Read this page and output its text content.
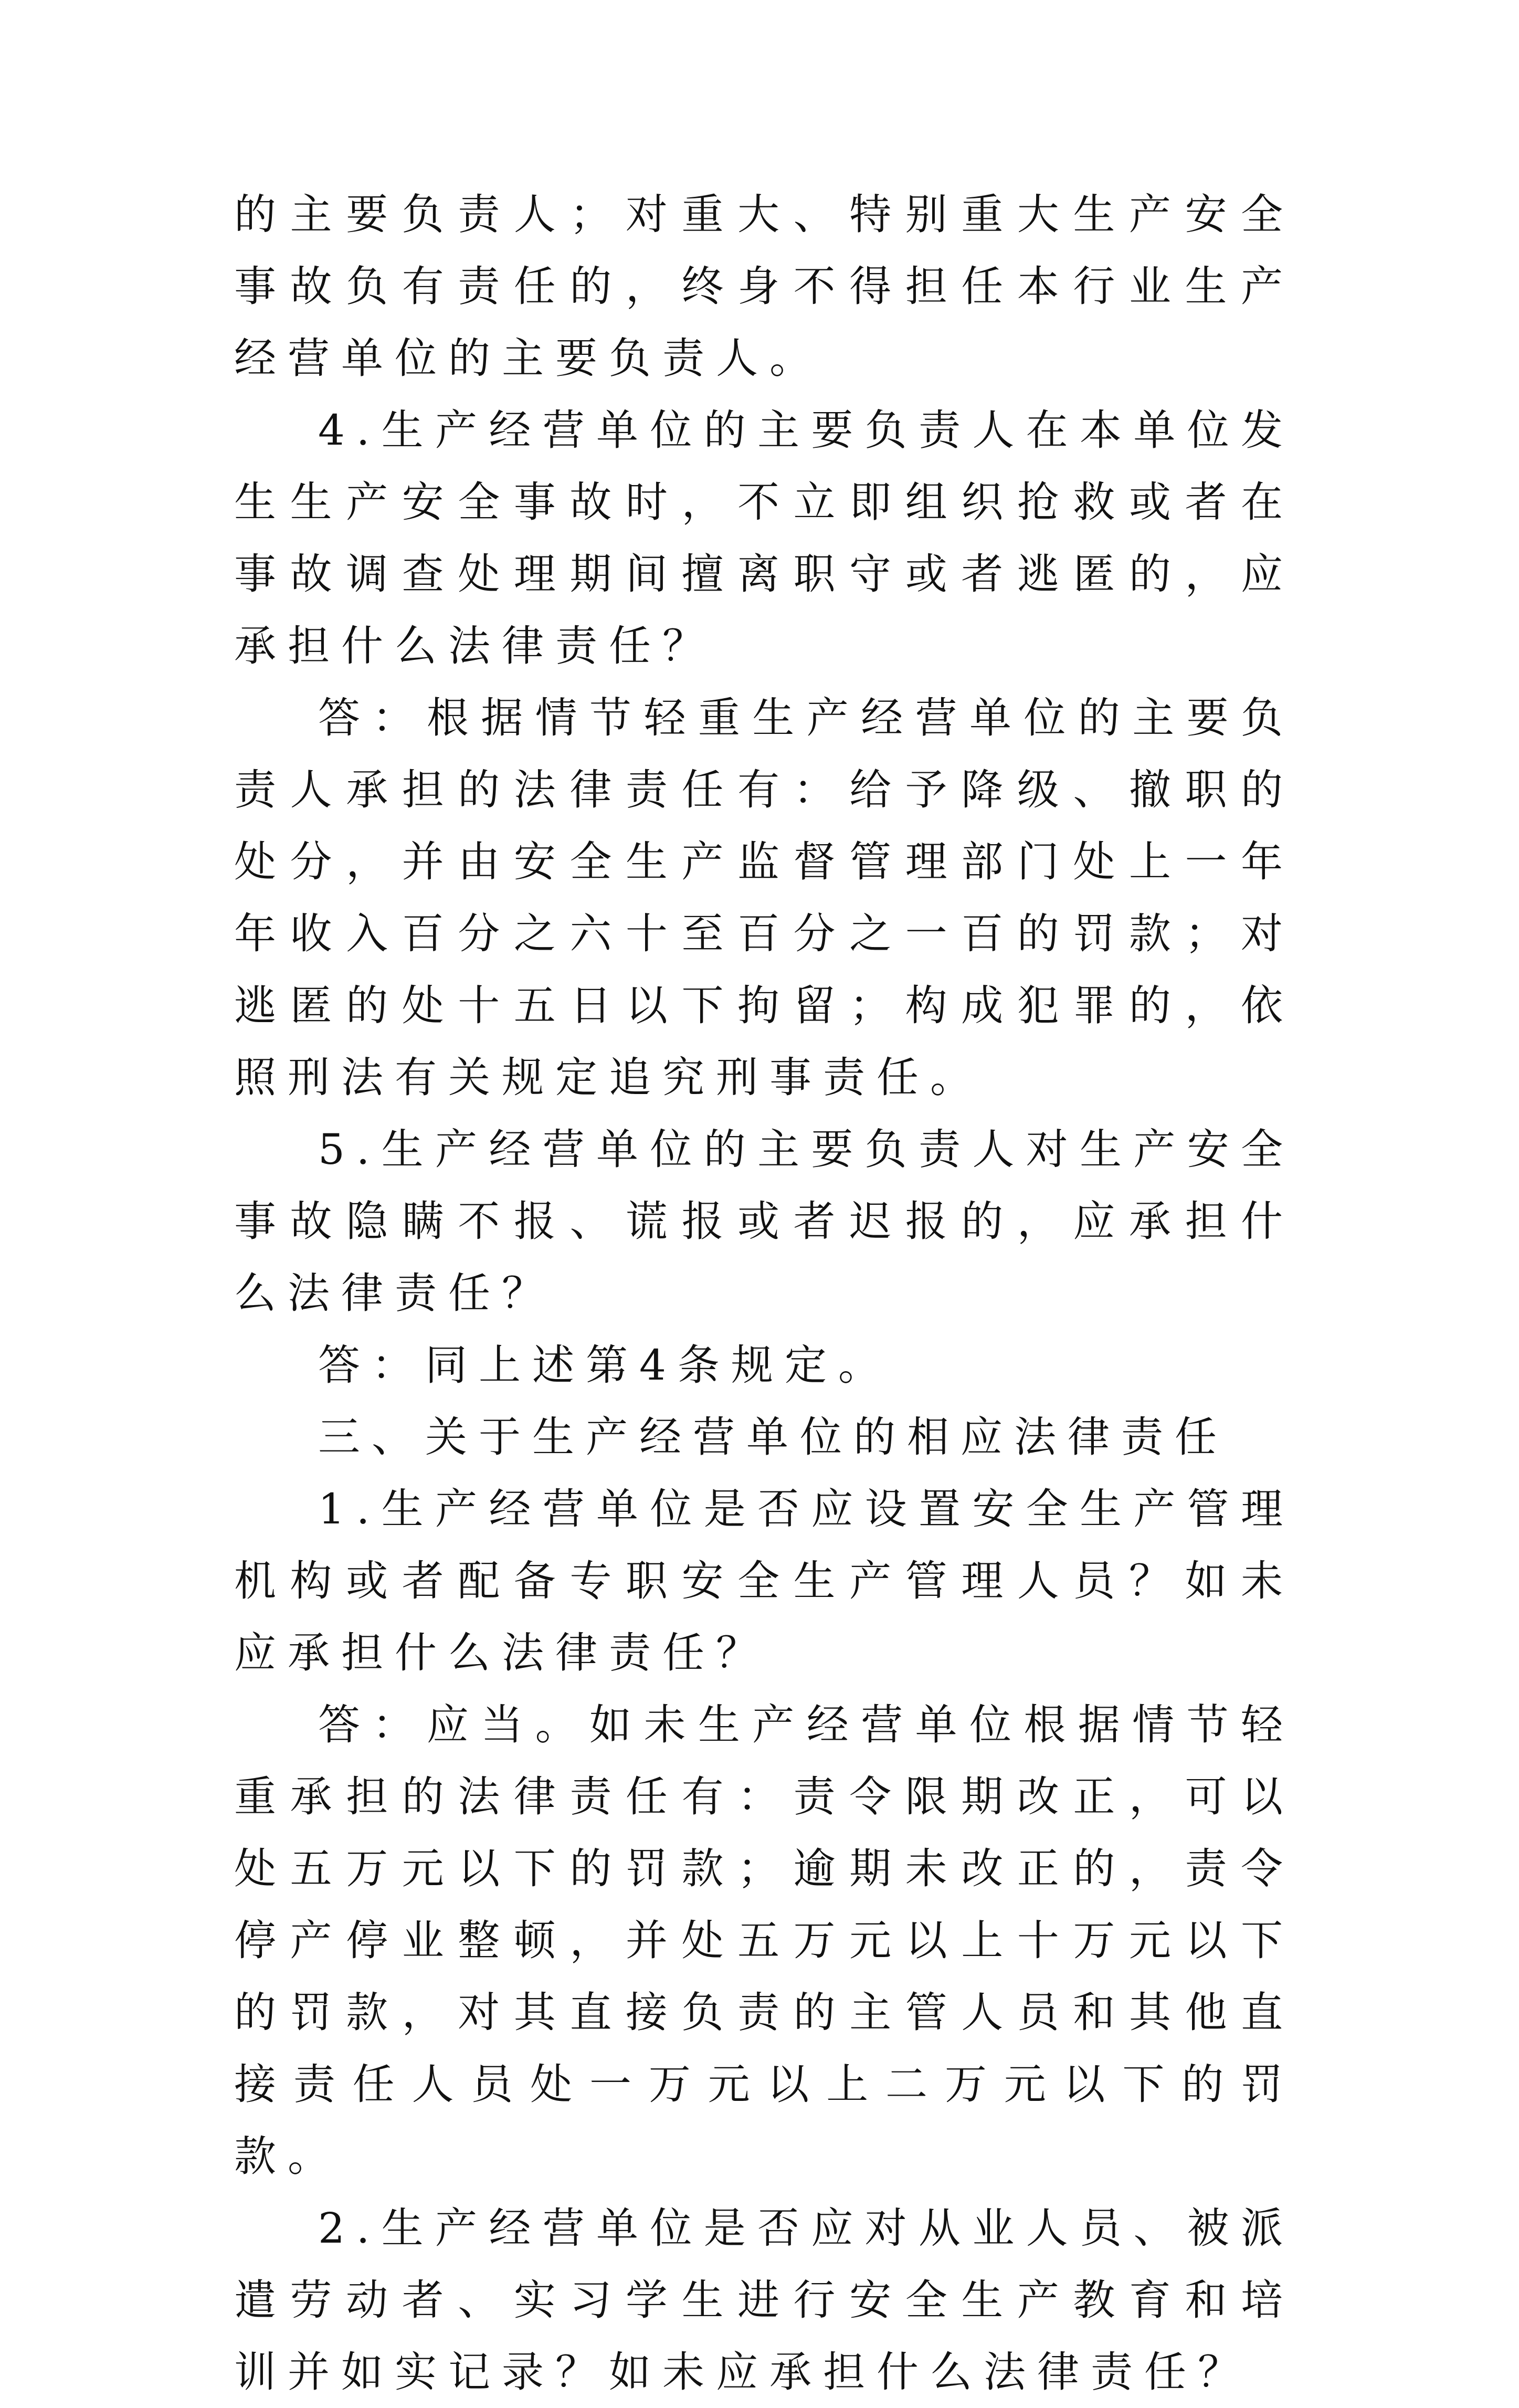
的主要负责人；对重大、特别重大生产安全事故负有责任的，终身不得担任本行业生产经营单位的主要负责人。

4.生产经营单位的主要负责人在本单位发生生产安全事故时，不立即组织抢救或者在事故调查处理期间擅离职守或者逃匿的，应承担什么法律责任？

答：根据情节轻重生产经营单位的主要负责人承担的法律责任有：给予降级、撤职的处分，并由安全生产监督管理部门处上一年年收入百分之六十至百分之一百的罚款；对逃匿的处十五日以下拘留；构成犯罪的，依照刑法有关规定追究刑事责任。

5.生产经营单位的主要负责人对生产安全事故隐瞒不报、谎报或者迟报的，应承担什么法律责任？

答：同上述第4条规定。

三、关于生产经营单位的相应法律责任

1.生产经营单位是否应设置安全生产管理机构或者配备专职安全生产管理人员？如未应承担什么法律责任？

答：应当。如未生产经营单位根据情节轻重承担的法律责任有：责令限期改正，可以处五万元以下的罚款；逾期未改正的，责令停产停业整顿，并处五万元以上十万元以下的罚款，对其直接负责的主管人员和其他直接责任人员处一万元以上二万元以下的罚款。

2.生产经营单位是否应对从业人员、被派遣劳动者、实习学生进行安全生产教育和培训并如实记录？如未应承担什么法律责任？
